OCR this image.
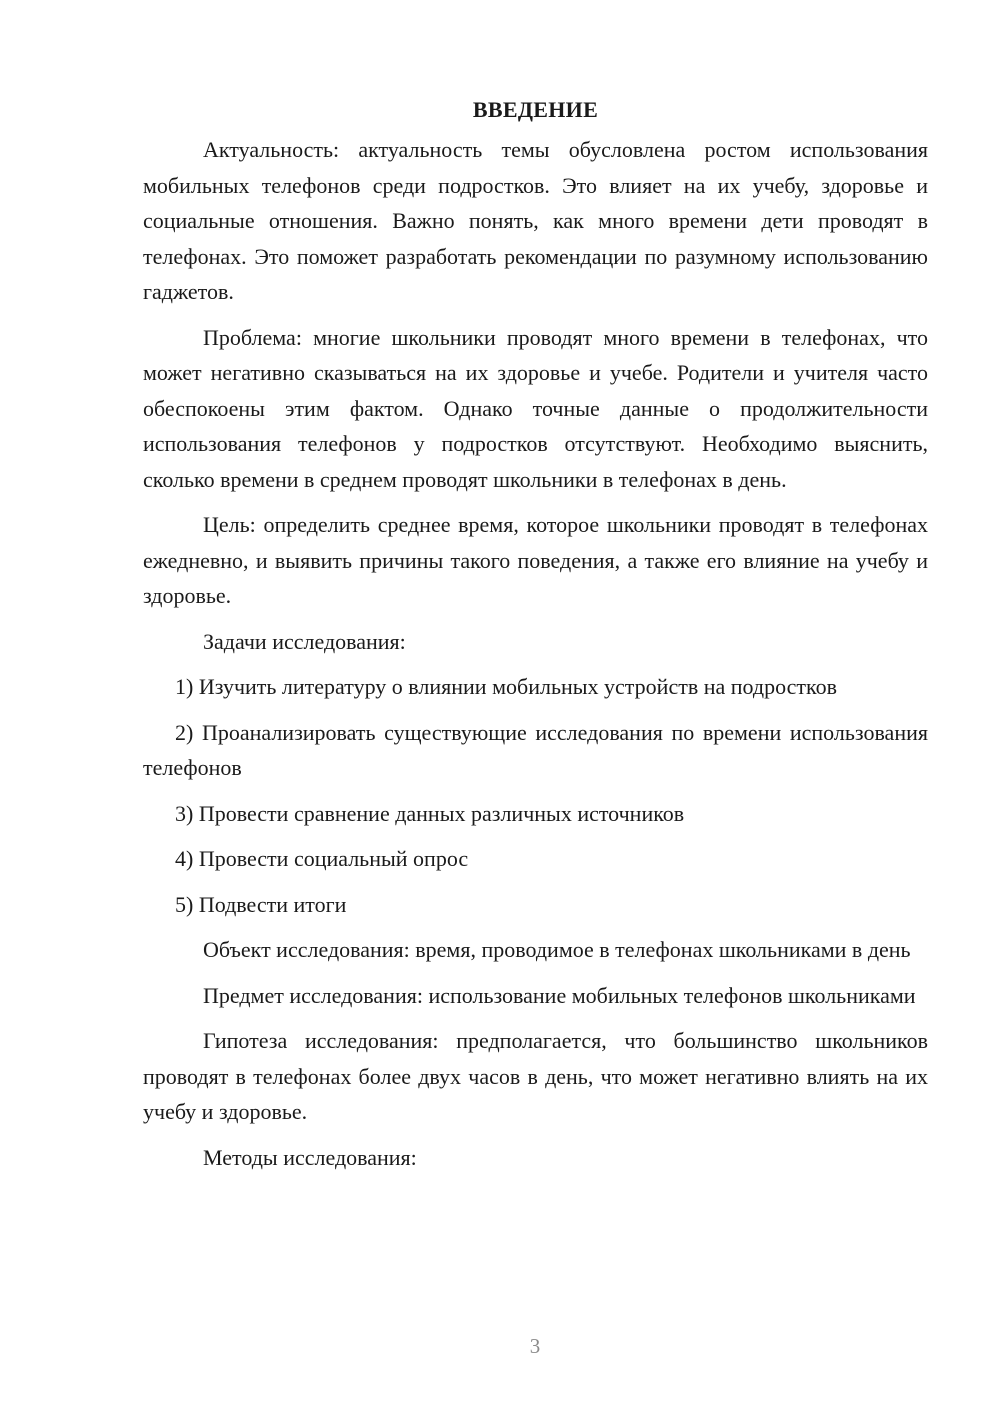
ВВЕДЕНИЕ

Актуальность: актуальность темы обусловлена ростом использования мобильных телефонов среди подростков. Это влияет на их учебу, здоровье и социальные отношения. Важно понять, как много времени дети проводят в телефонах. Это поможет разработать рекомендации по разумному использованию гаджетов.

Проблема: многие школьники проводят много времени в телефонах, что может негативно сказываться на их здоровье и учебе. Родители и учителя часто обеспокоены этим фактом. Однако точные данные о продолжительности использования телефонов у подростков отсутствуют. Необходимо выяснить, сколько времени в среднем проводят школьники в телефонах в день.

Цель: определить среднее время, которое школьники проводят в телефонах ежедневно, и выявить причины такого поведения, а также его влияние на учебу и здоровье.

Задачи исследования:

1) Изучить литературу о влиянии мобильных устройств на подростков

2) Проанализировать существующие исследования по времени использования телефонов

3) Провести сравнение данных различных источников

4) Провести социальный опрос

5) Подвести итоги

Объект исследования: время, проводимое в телефонах школьниками в день

Предмет исследования: использование мобильных телефонов школьниками

Гипотеза исследования: предполагается, что большинство школьников проводят в телефонах более двух часов в день, что может негативно влиять на их учебу и здоровье.

Методы исследования:

3
